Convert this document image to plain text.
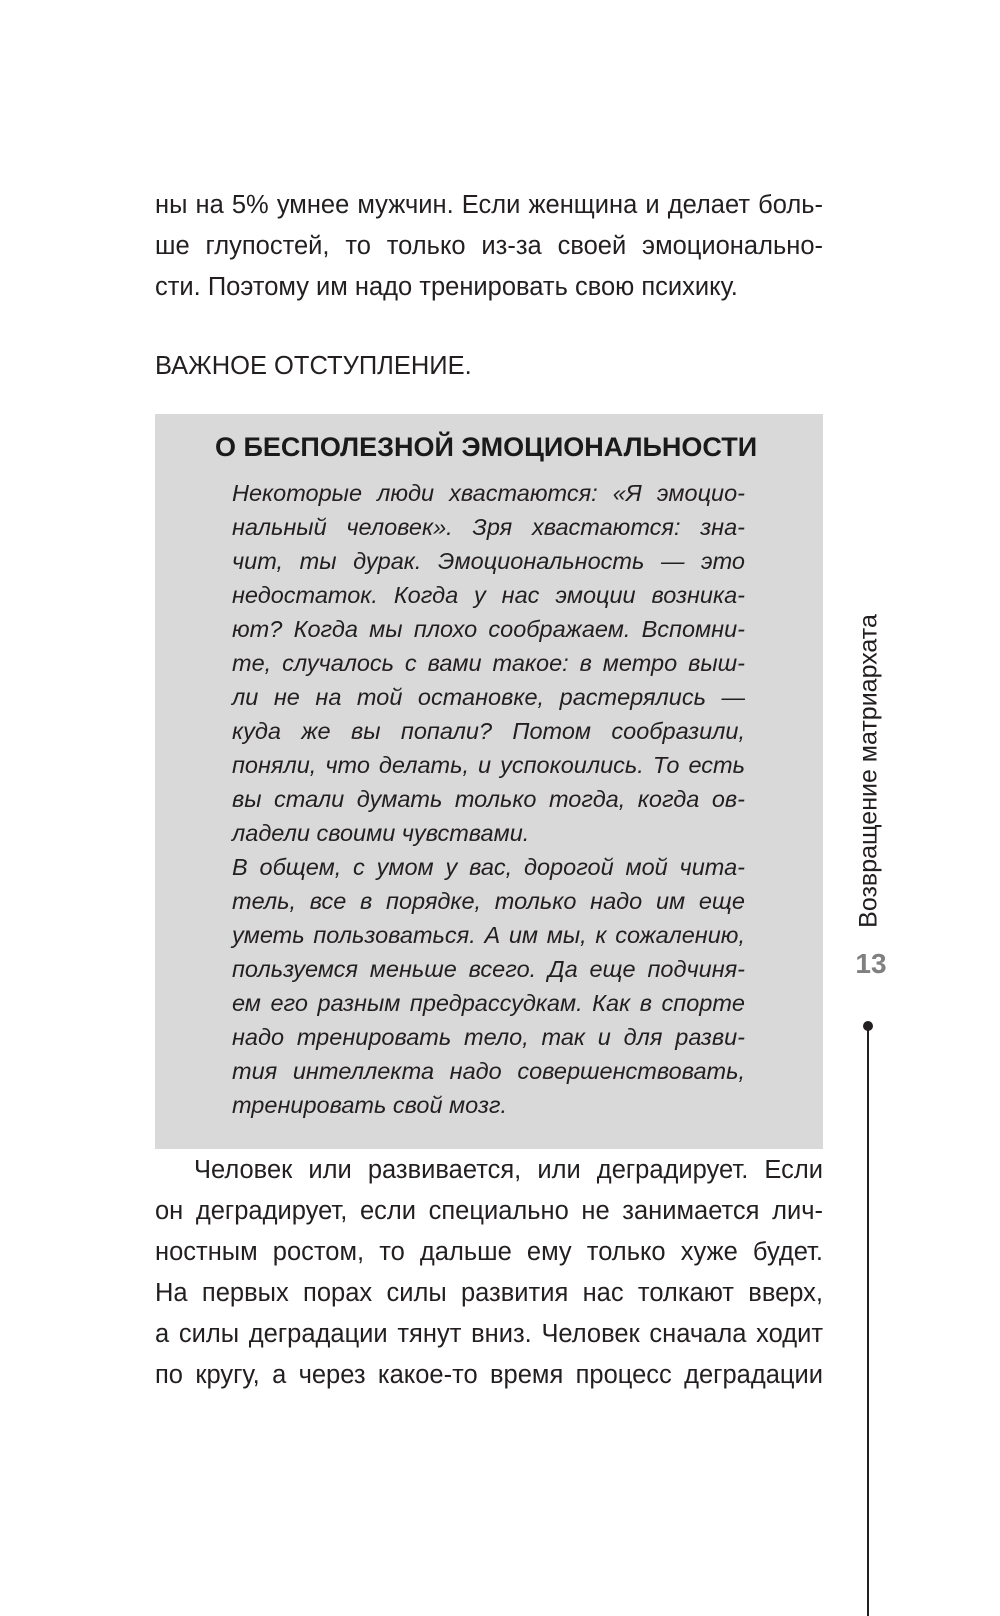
ны на 5% умнее мужчин. Если женщина и делает боль-
ше глупостей, то только из-за своей эмоционально-
сти. Поэтому им надо тренировать свою психику.
ВАЖНОЕ ОТСТУПЛЕНИЕ.
О БЕСПОЛЕЗНОЙ ЭМОЦИОНАЛЬНОСТИ
Некоторые люди хвастаются: «Я эмоцио-
нальный человек». Зря хвастаются: зна-
чит, ты дурак. Эмоциональность — это
недостаток. Когда у нас эмоции возника-
ют? Когда мы плохо соображаем. Вспомни-
те, случалось с вами такое: в метро выш-
ли не на той остановке, растерялись —
куда же вы попали? Потом сообразили,
поняли, что делать, и успокоились. То есть
вы стали думать только тогда, когда ов-
ладели своими чувствами.
В общем, с умом у вас, дорогой мой чита-
тель, все в порядке, только надо им еще
уметь пользоваться. А им мы, к сожалению,
пользуемся меньше всего. Да еще подчиня-
ем его разным предрассудкам. Как в спорте
надо тренировать тело, так и для разви-
тия интеллекта надо совершенствовать,
тренировать свой мозг.
Человек или развивается, или деградирует. Если
он деградирует, если специально не занимается лич-
ностным ростом, то дальше ему только хуже будет.
На первых порах силы развития нас толкают вверх,
а силы деградации тянут вниз. Человек сначала ходит
по кругу, а через какое-то время процесс деградации
Возвращение матриархата
13
